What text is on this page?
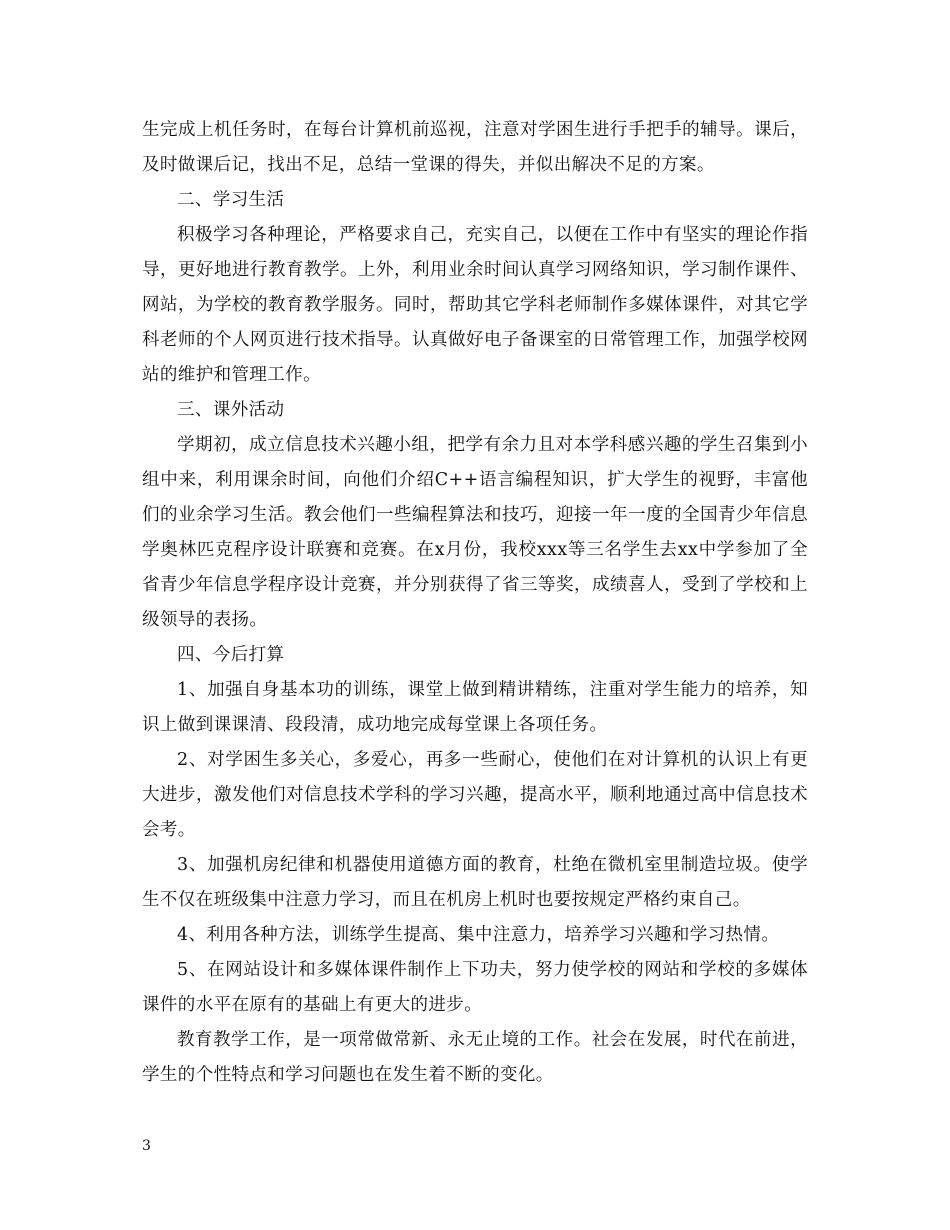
生完成上机任务时，在每台计算机前巡视，注意对学困生进行手把手的辅导。课后，及时做课后记，找出不足，总结一堂课的得失，并似出解决不足的方案。

二、学习生活

积极学习各种理论，严格要求自己，充实自己，以便在工作中有坚实的理论作指导，更好地进行教育教学。上外，利用业余时间认真学习网络知识，学习制作课件、网站，为学校的教育教学服务。同时，帮助其它学科老师制作多媒体课件，对其它学科老师的个人网页进行技术指导。认真做好电子备课室的日常管理工作，加强学校网站的维护和管理工作。

三、课外活动

学期初，成立信息技术兴趣小组，把学有余力且对本学科感兴趣的学生召集到小组中来，利用课余时间，向他们介绍C++语言编程知识，扩大学生的视野，丰富他们的业余学习生活。教会他们一些编程算法和技巧，迎接一年一度的全国青少年信息学奥林匹克程序设计联赛和竞赛。在x月份，我校xxx等三名学生去xx中学参加了全省青少年信息学程序设计竞赛，并分别获得了省三等奖，成绩喜人，受到了学校和上级领导的表扬。

四、今后打算

1、加强自身基本功的训练，课堂上做到精讲精练，注重对学生能力的培养，知识上做到课课清、段段清，成功地完成每堂课上各项任务。

2、对学困生多关心，多爱心，再多一些耐心，使他们在对计算机的认识上有更大进步，激发他们对信息技术学科的学习兴趣，提高水平，顺利地通过高中信息技术会考。

3、加强机房纪律和机器使用道德方面的教育，杜绝在微机室里制造垃圾。使学生不仅在班级集中注意力学习，而且在机房上机时也要按规定严格约束自己。

4、利用各种方法，训练学生提高、集中注意力，培养学习兴趣和学习热情。

5、在网站设计和多媒体课件制作上下功夫，努力使学校的网站和学校的多媒体课件的水平在原有的基础上有更大的进步。

教育教学工作，是一项常做常新、永无止境的工作。社会在发展，时代在前进，学生的个性特点和学习问题也在发生着不断的变化。

3
